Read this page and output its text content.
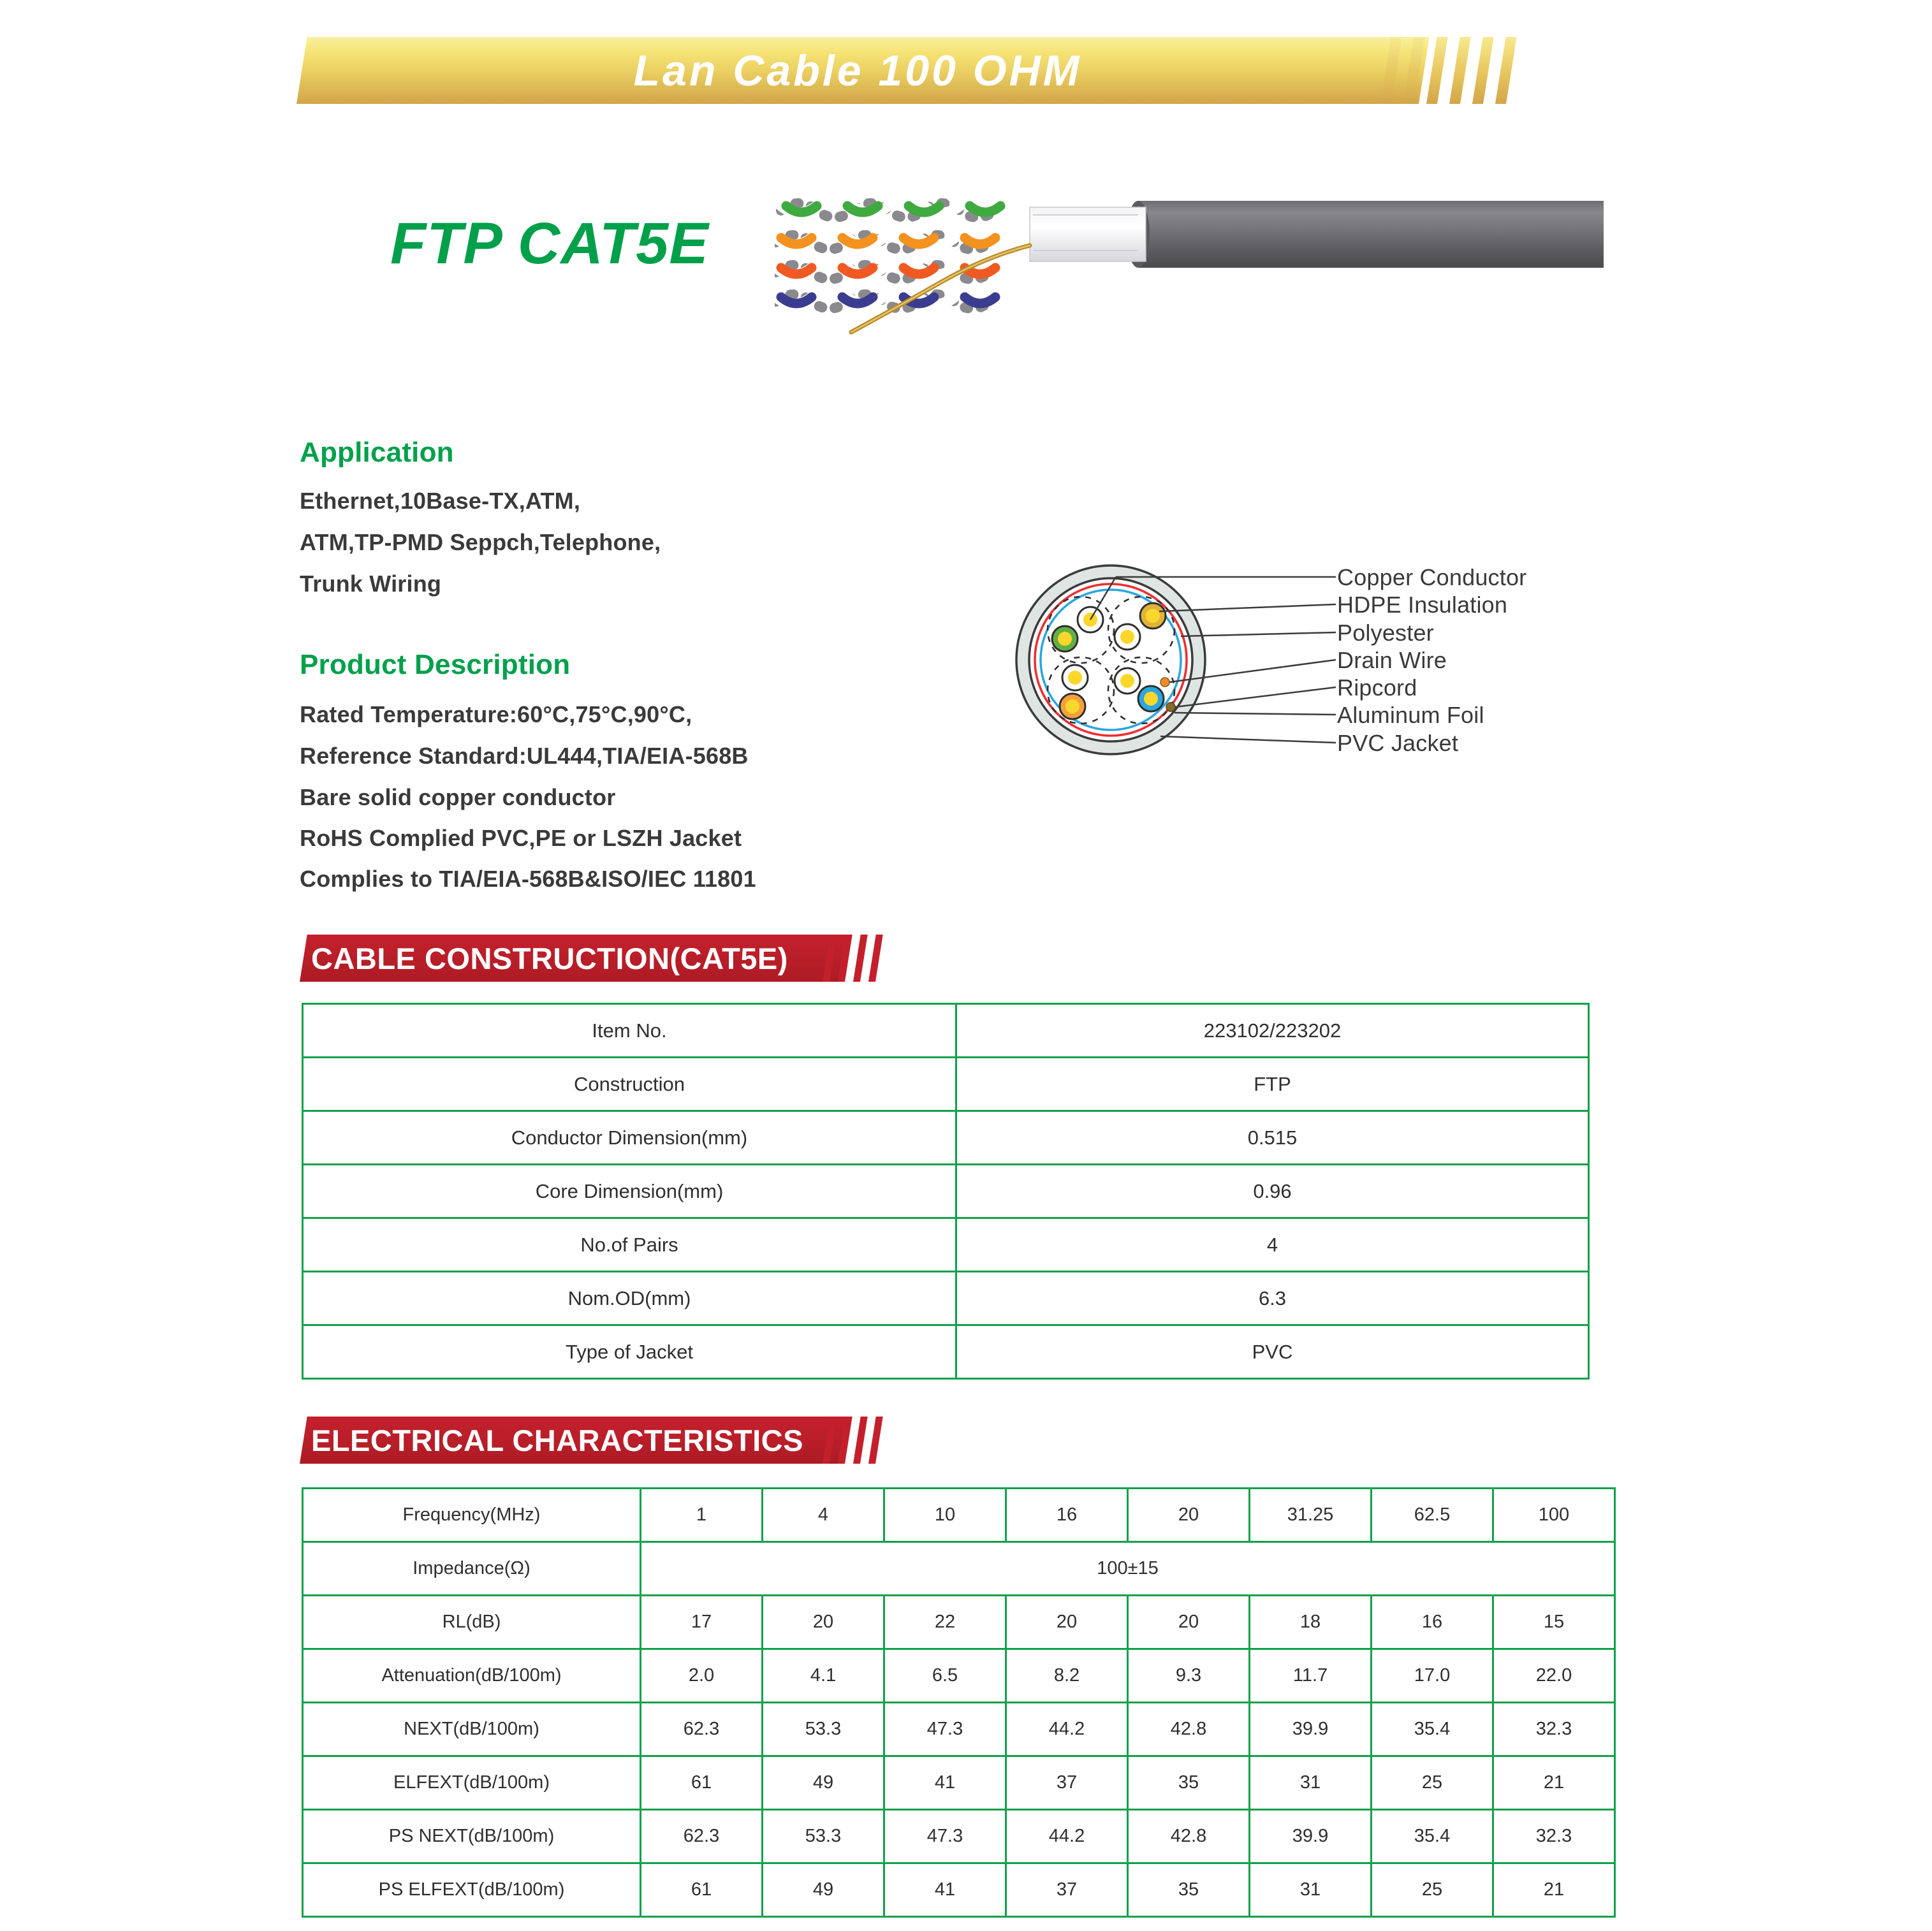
Lan Cable 100 OHM
FTP CAT5E
Application
Ethernet,10Base-TX,ATM,
ATM,TP-PMD Seppch,Telephone,
Trunk Wiring
Product Description
Rated Temperature:60°C,75°C,90°C,
Reference Standard:UL444,TIA/EIA-568B
Bare solid copper conductor
RoHS Complied PVC,PE or LSZH Jacket
Complies to TIA/EIA-568B&ISO/IEC 11801
Copper Conductor
HDPE Insulation
Polyester
Drain Wire
Ripcord
Aluminum Foil
PVC Jacket
CABLE CONSTRUCTION(CAT5E)
Item No.	223102/223202
Construction	FTP
Conductor Dimension(mm)	0.515
Core Dimension(mm)	0.96
No.of Pairs	4
Nom.OD(mm)	6.3
Type of Jacket	PVC
ELECTRICAL CHARACTERISTICS
Frequency(MHz)	1	4	10	16	20	31.25	62.5	100
Impedance(Ω)	100±15							
RL(dB)	17	20	22	20	20	18	16	15
Attenuation(dB/100m)	2.0	4.1	6.5	8.2	9.3	11.7	17.0	22.0
NEXT(dB/100m)	62.3	53.3	47.3	44.2	42.8	39.9	35.4	32.3
ELFEXT(dB/100m)	61	49	41	37	35	31	25	21
PS NEXT(dB/100m)	62.3	53.3	47.3	44.2	42.8	39.9	35.4	32.3
PS ELFEXT(dB/100m)	61	49	41	37	35	31	25	21
